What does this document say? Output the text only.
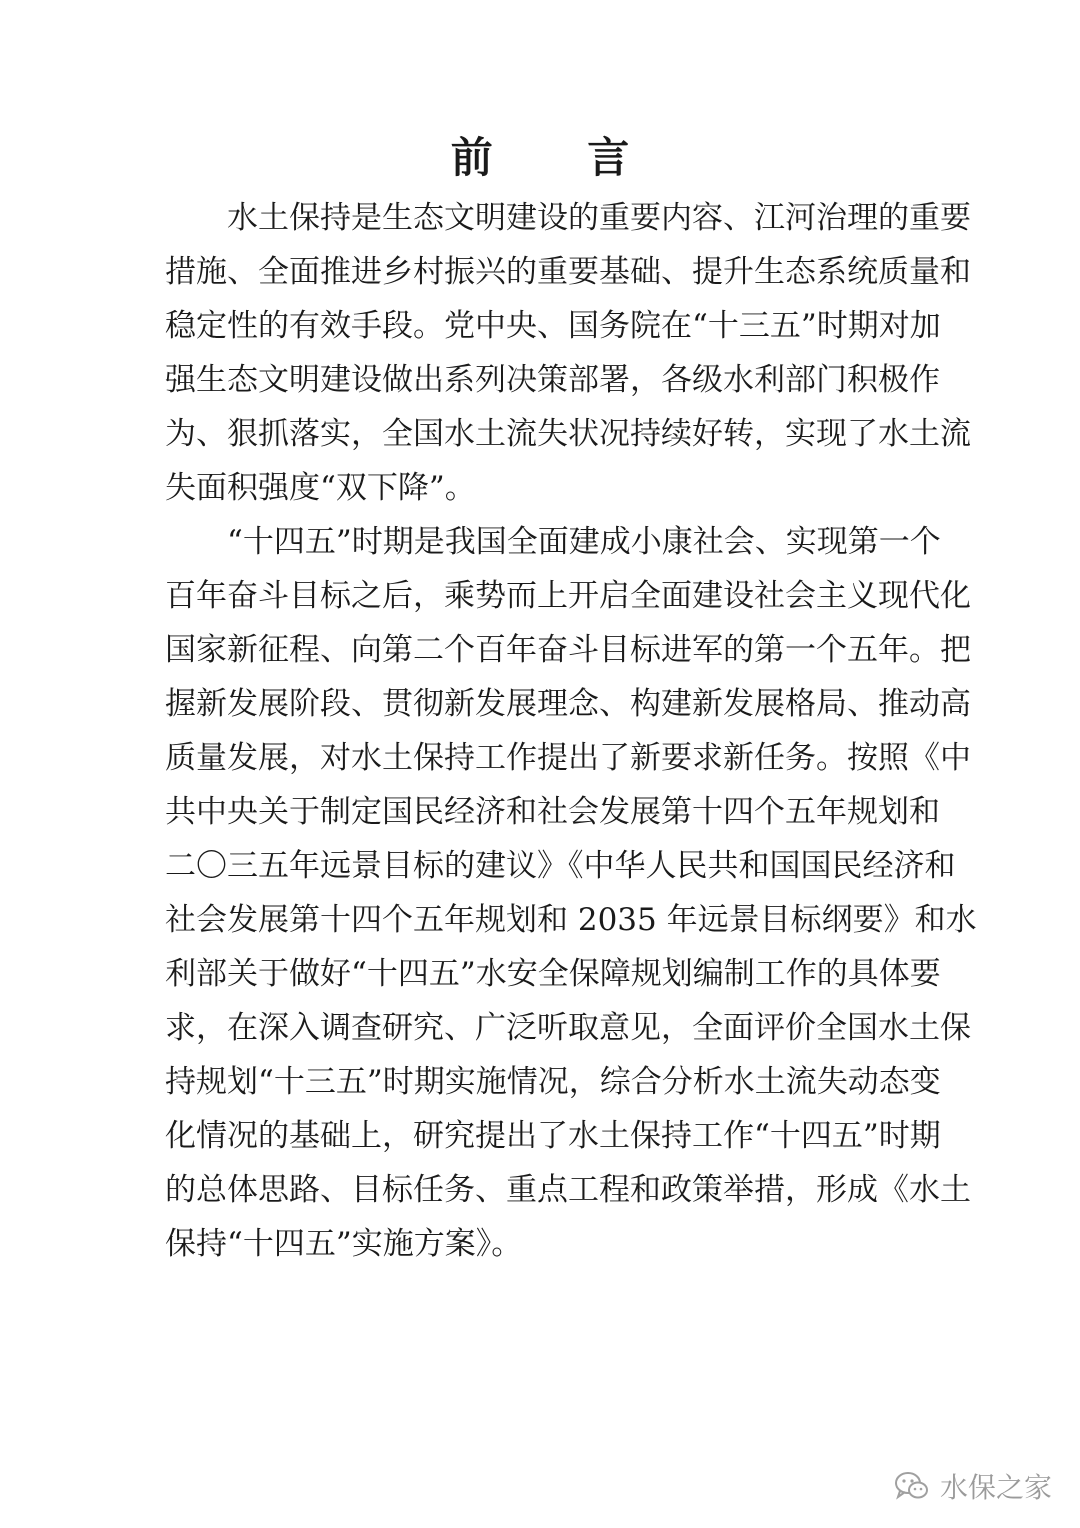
前 言
水土保持是生态文明建设的重要内容、江河治理的重要
措施、全面推进乡村振兴的重要基础、提升生态系统质量和
稳定性的有效手段。党中央、国务院在“十三五”时期对加
强生态文明建设做出系列决策部署，各级水利部门积极作
为、狠抓落实，全国水土流失状况持续好转，实现了水土流
失面积强度“双下降”。
“十四五”时期是我国全面建成小康社会、实现第一个
百年奋斗目标之后，乘势而上开启全面建设社会主义现代化
国家新征程、向第二个百年奋斗目标进军的第一个五年。把
握新发展阶段、贯彻新发展理念、构建新发展格局、推动高
质量发展，对水土保持工作提出了新要求新任务。按照《中
共中央关于制定国民经济和社会发展第十四个五年规划和
二〇三五年远景目标的建议》《中华人民共和国国民经济和
社会发展第十四个五年规划和 2035 年远景目标纲要》和水
利部关于做好“十四五”水安全保障规划编制工作的具体要
求，在深入调查研究、广泛听取意见，全面评价全国水土保
持规划“十三五”时期实施情况，综合分析水土流失动态变
化情况的基础上，研究提出了水土保持工作“十四五”时期
的总体思路、目标任务、重点工程和政策举措，形成《水土
保持“十四五”实施方案》。
水保之家
